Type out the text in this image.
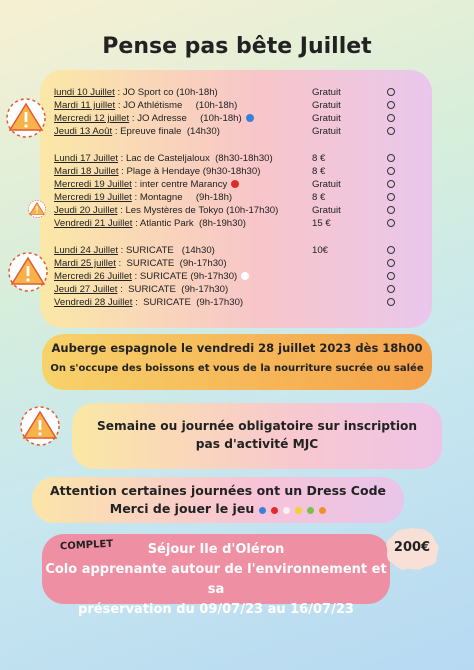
Pense pas bête Juillet
lundi 10 Juillet : JO Sport co (10h-18h)	Gratuit
Mardi 11 juillet : JO Athlétisme     (10h-18h)	Gratuit
Mercredi 12 juillet : JO Adresse     (10h-18h)	Gratuit
Jeudi 13 Août : Epreuve finale  (14h30)	Gratuit
Lundi 17 Juillet : Lac de Casteljaloux  (8h30-18h30)	8 €
Mardi 18 Juillet : Plage à Hendaye (9h30-18h30)	8 €
Mercredi 19 Juillet : inter centre Marancy	Gratuit
Mercredi 19 Juillet : Montagne     (9h-18h)	8 €
Jeudi 20 Juillet : Les Mystères de Tokyo (10h-17h30)	Gratuit
Vendredi 21 Juillet : Atlantic Park  (8h-19h30)	15 €
Lundi 24 Juillet : SURICATE   (14h30)	10€
Mardi 25 juillet :  SURICATE  (9h-17h30)
Mercredi 26 Juillet : SURICATE (9h-17h30)
Jeudi 27 Juillet :  SURICATE  (9h-17h30)
Vendredi 28 Juillet :  SURICATE  (9h-17h30)
Auberge espagnole le vendredi 28 juillet 2023 dès 18h00
On s'occupe des boissons et vous de la nourriture sucrée ou salée
Semaine ou journée obligatoire sur inscription
pas d'activité MJC
Attention certaines journées ont un Dress Code
Merci de jouer le jeu
Séjour Ile d'Oléron
Colo apprenante autour de l'environnement et sa
préservation du 09/07/23 au 16/07/23
COMPLET	200€
